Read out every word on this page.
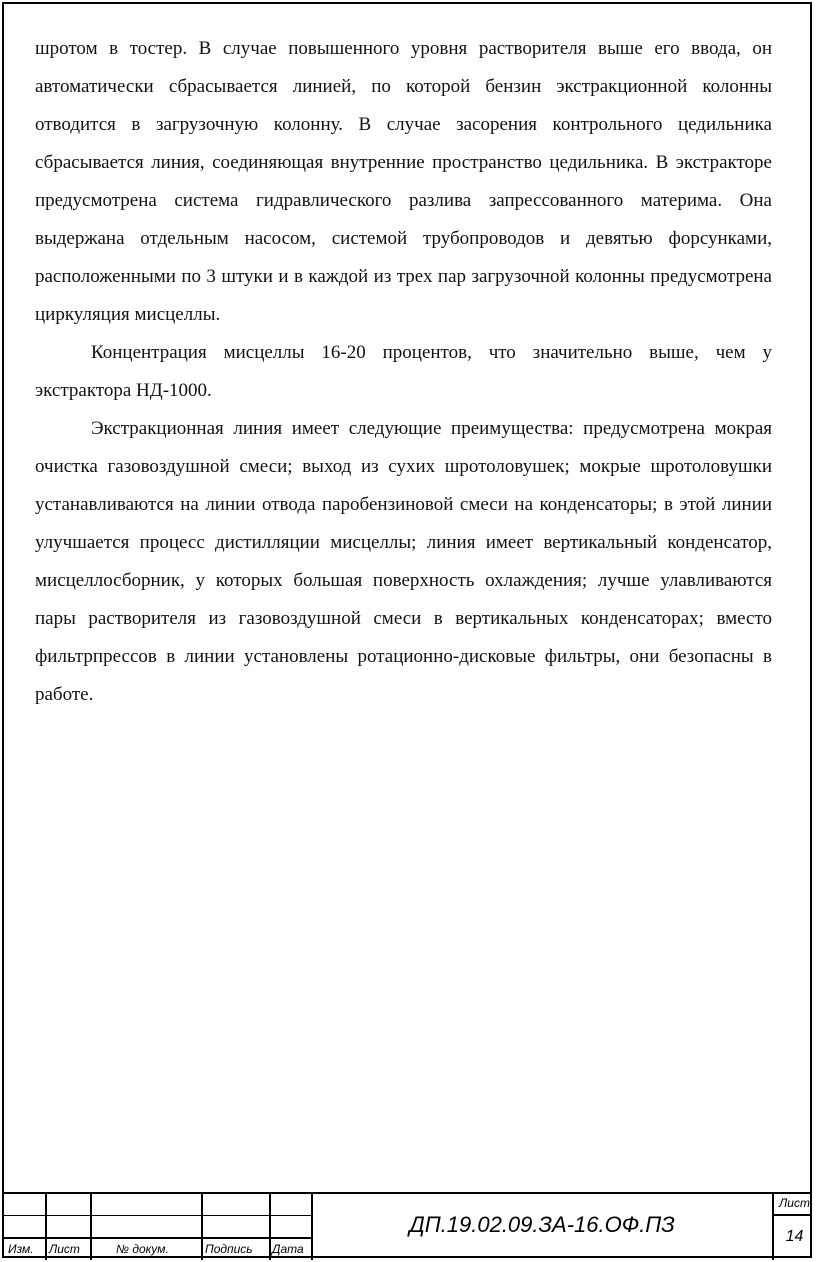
шротом в тостер. В случае повышенного уровня растворителя выше его ввода, он автоматически сбрасывается линией, по которой бензин экстракционной колонны отводится в загрузочную колонну. В случае засорения контрольного цедильника сбрасывается линия, соединяющая внутренние пространство цедильника. В экстракторе предусмотрена система гидравлического разлива запрессованного материма. Она выдержана отдельным насосом, системой трубопроводов и девятью форсунками, расположенными по 3 штуки и в каждой из трех пар загрузочной колонны предусмотрена циркуляция мисцеллы.

Концентрация мисцеллы 16-20 процентов, что значительно выше, чем у экстрактора НД-1000.

Экстракционная линия имеет следующие преимущества: предусмотрена мокрая очистка газовоздушной смеси; выход из сухих шротоловушек; мокрые шротоловушки устанавливаются на линии отвода паробензиновой смеси на конденсаторы; в этой линии улучшается процесс дистилляции мисцеллы; линия имеет вертикальный конденсатор, мисцеллосборник, у которых большая поверхность охлаждения; лучше улавливаются пары растворителя из газовоздушной смеси в вертикальных конденсаторах; вместо фильтрпрессов в линии установлены ротационно-дисковые фильтры, они безопасны в работе.

Изм. Лист	№ докум.	Подпись Дата
ДП.19.02.09.ЗА-16.ОФ.ПЗ
Лист
14
